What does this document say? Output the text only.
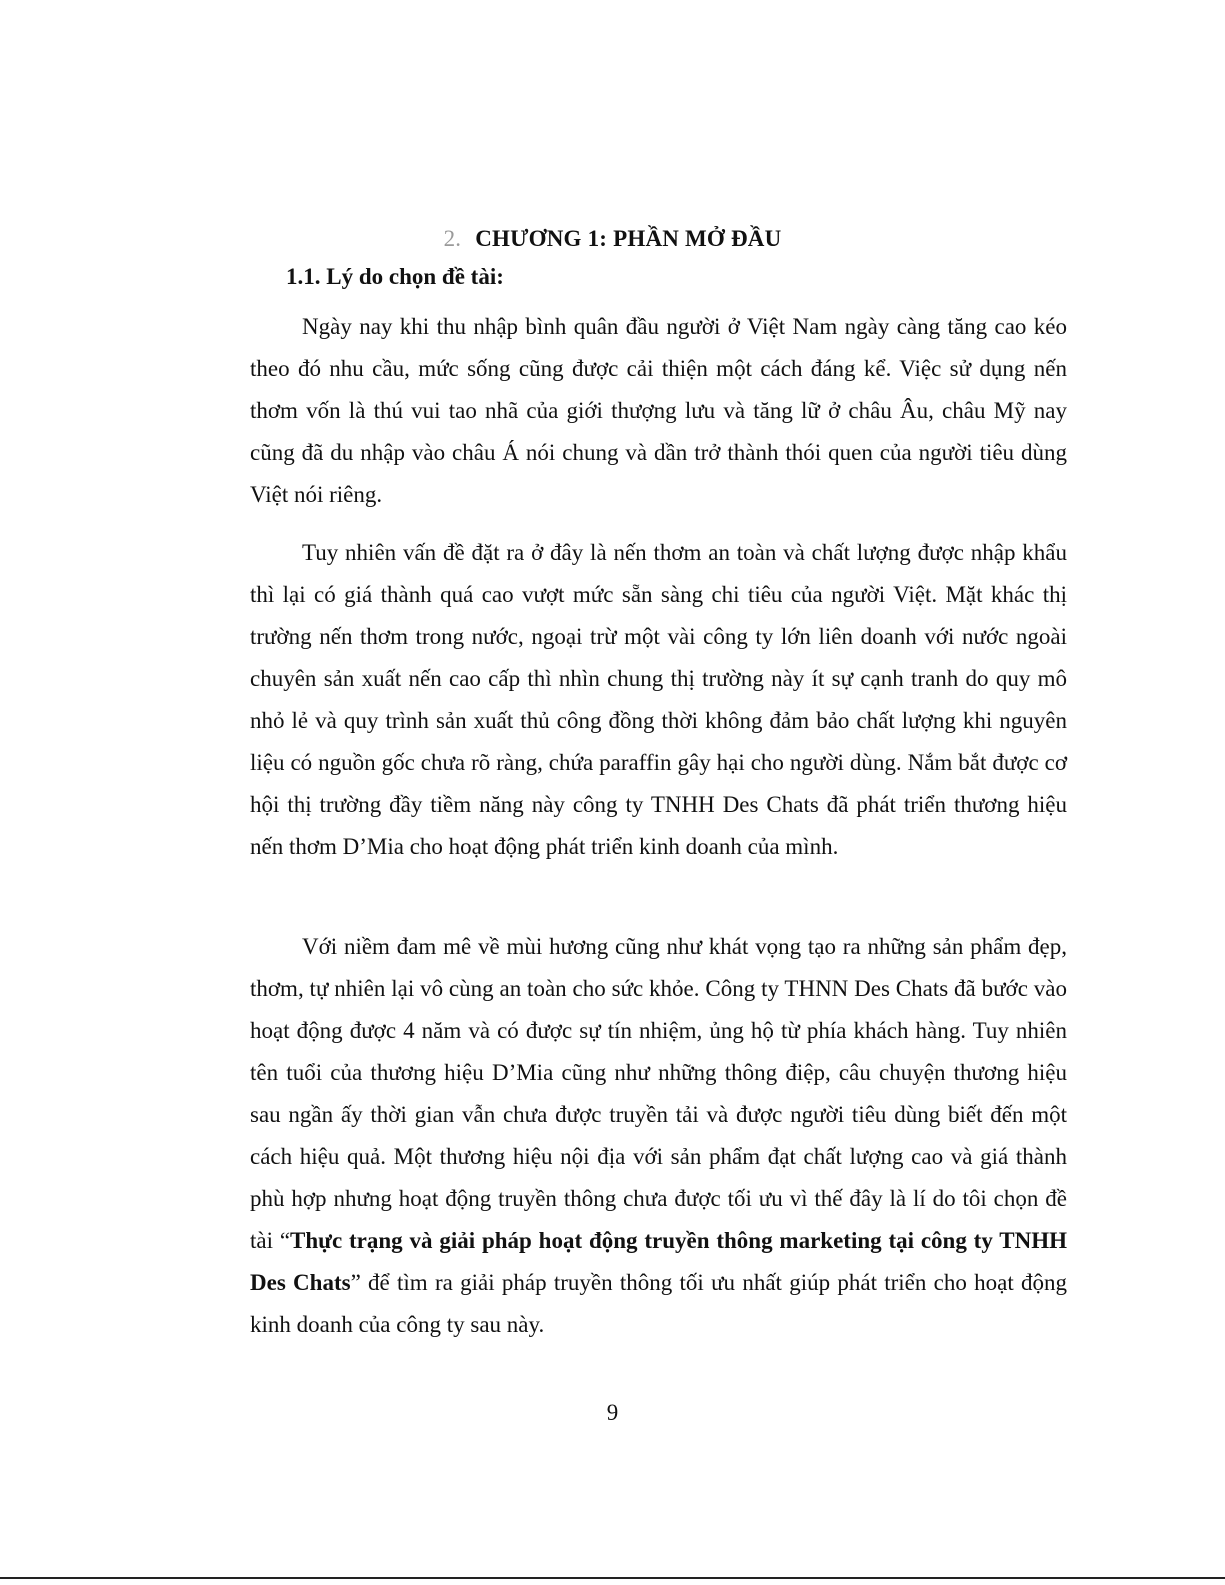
2. CHƯƠNG 1: PHẦN MỞ ĐẦU
1.1. Lý do chọn đề tài:

Ngày nay khi thu nhập bình quân đầu người ở Việt Nam ngày càng tăng cao kéo theo đó nhu cầu, mức sống cũng được cải thiện một cách đáng kể. Việc sử dụng nến thơm vốn là thú vui tao nhã của giới thượng lưu và tăng lữ ở châu Âu, châu Mỹ nay cũng đã du nhập vào châu Á nói chung và dần trở thành thói quen của người tiêu dùng Việt nói riêng.

Tuy nhiên vấn đề đặt ra ở đây là nến thơm an toàn và chất lượng được nhập khẩu thì lại có giá thành quá cao vượt mức sẵn sàng chi tiêu của người Việt. Mặt khác thị trường nến thơm trong nước, ngoại trừ một vài công ty lớn liên doanh với nước ngoài chuyên sản xuất nến cao cấp thì nhìn chung thị trường này ít sự cạnh tranh do quy mô nhỏ lẻ và quy trình sản xuất thủ công đồng thời không đảm bảo chất lượng khi nguyên liệu có nguồn gốc chưa rõ ràng, chứa paraffin gây hại cho người dùng. Nắm bắt được cơ hội thị trường đầy tiềm năng này công ty TNHH Des Chats đã phát triển thương hiệu nến thơm D’Mia cho hoạt động phát triển kinh doanh của mình.

Với niềm đam mê về mùi hương cũng như khát vọng tạo ra những sản phẩm đẹp, thơm, tự nhiên lại vô cùng an toàn cho sức khỏe. Công ty THNN Des Chats đã bước vào hoạt động được 4 năm và có được sự tín nhiệm, ủng hộ từ phía khách hàng. Tuy nhiên tên tuổi của thương hiệu D’Mia cũng như những thông điệp, câu chuyện thương hiệu sau ngần ấy thời gian vẫn chưa được truyền tải và được người tiêu dùng biết đến một cách hiệu quả. Một thương hiệu nội địa với sản phẩm đạt chất lượng cao và giá thành phù hợp nhưng hoạt động truyền thông chưa được tối ưu vì thế đây là lí do tôi chọn đề tài “Thực trạng và giải pháp hoạt động truyền thông marketing tại công ty TNHH Des Chats” để tìm ra giải pháp truyền thông tối ưu nhất giúp phát triển cho hoạt động kinh doanh của công ty sau này.

9
